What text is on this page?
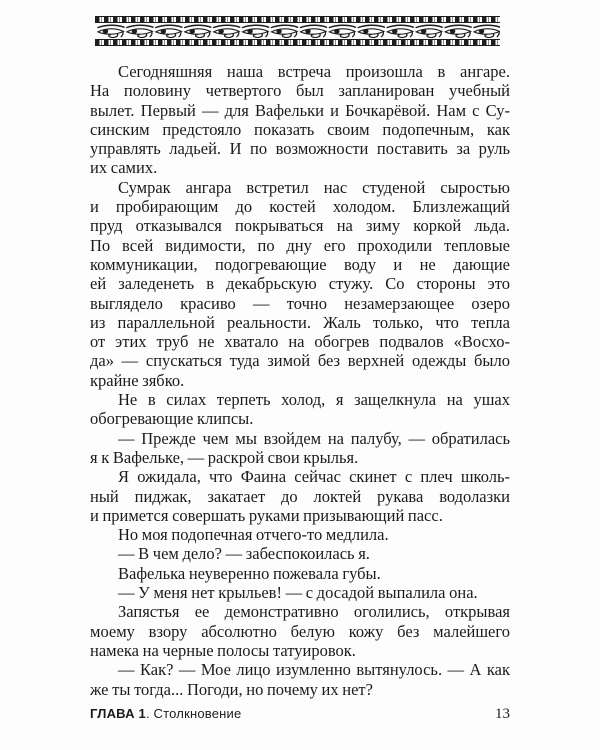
Сегодняшняя наша встреча произошла в ангаре.
На половину четвертого был запланирован учебный
вылет. Первый — для Вафельки и Бочкарёвой. Нам с Су-
синским предстояло показать своим подопечным, как
управлять ладьей. И по возможности поставить за руль
их самих.
Сумрак ангара встретил нас студеной сыростью
и пробирающим до костей холодом. Близлежащий
пруд отказывался покрываться на зиму коркой льда.
По всей видимости, по дну его проходили тепловые
коммуникации, подогревающие воду и не дающие
ей заледенеть в декабрьскую стужу. Со стороны это
выглядело красиво — точно незамерзающее озеро
из параллельной реальности. Жаль только, что тепла
от этих труб не хватало на обогрев подвалов «Восхо-
да» — спускаться туда зимой без верхней одежды было
крайне зябко.
Не в силах терпеть холод, я защелкнула на ушах
обогревающие клипсы.
— Прежде чем мы взойдем на палубу, — обратилась
я к Вафельке, — раскрой свои крылья.
Я ожидала, что Фаина сейчас скинет с плеч школь-
ный пиджак, закатает до локтей рукава водолазки
и примется совершать руками призывающий пасс.
Но моя подопечная отчего-то медлила.
— В чем дело? — забеспокоилась я.
Вафелька неуверенно пожевала губы.
— У меня нет крыльев! — с досадой выпалила она.
Запястья ее демонстративно оголились, открывая
моему взору абсолютно белую кожу без малейшего
намека на черные полосы татуировок.
— Как? — Мое лицо изумленно вытянулось. — А как
же ты тогда... Погоди, но почему их нет?
ГЛАВА 1. Столкновение	13
